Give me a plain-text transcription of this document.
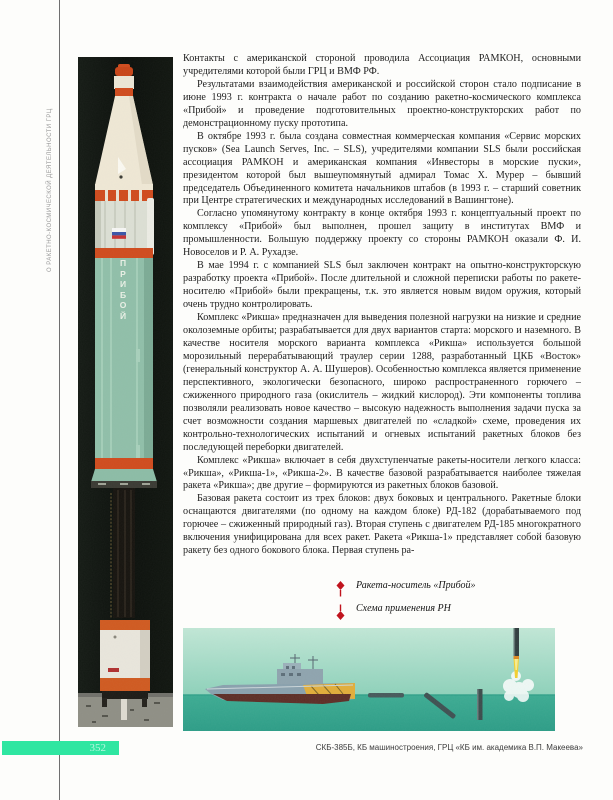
О РАКЕТНО-КОСМИЧЕСКОЙ ДЕЯТЕЛЬНОСТИ ГРЦ	ПРИБОЙ

Контакты с американской стороной проводила Ассоциация РАМКОН, основными учредителями которой были ГРЦ и ВМФ РФ.

Результатами взаимодействия американской и российской сторон стало подписание в июне 1993 г. контракта о начале работ по созданию ракетно-космического комплекса «Прибой» и проведение подготовительных проектно-конструкторских работ по демонстрационному пуску прототипа.

В октябре 1993 г. была создана совместная коммерческая компания «Сервис морских пусков» (Sea Launch Serves, Inc. – SLS), учредителями компании SLS были российская ассоциация РАМКОН и американская компания «Инвесторы в морские пуски», президентом которой был вышеупомянутый адмирал Томас Х. Мурер – бывший председатель Объединенного комитета начальников штабов (в 1993 г. – старший советник при Центре стратегических и международных исследований в Вашингтоне).

Согласно упомянутому контракту в конце октября 1993 г. концептуальный проект по комплексу «Прибой» был выполнен, прошел защиту в институтах ВМФ и промышленности. Большую поддержку проекту со стороны РАМКОН оказали Ф. И. Новоселов и Р. А. Рухадзе.

В мае 1994 г. с компанией SLS был заключен контракт на опытно-конструкторскую разработку проекта «Прибой». После длительной и сложной переписки работы по ракете-носителю «Прибой» были прекращены, т.к. это является новым видом оружия, который очень трудно контролировать.

Комплекс «Рикша» предназначен для выведения полезной нагрузки на низкие и средние околоземные орбиты; разрабатывается для двух вариантов старта: морского и наземного. В качестве носителя морского варианта комплекса «Рикша» используется большой морозильный перерабатывающий траулер серии 1288, разработанный ЦКБ «Восток» (генеральный конструктор А. А. Шушеров). Особенностью комплекса является применение перспективного, экологически безопасного, широко распространенного горючего – сжиженного природного газа (окислитель – жидкий кислород). Эти компоненты топлива позволяли реализовать новое качество – высокую надежность выполнения задачи пуска за счет возможности создания маршевых двигателей по «сладкой» схеме, проведения их контрольно-технологических испытаний и огневых испытаний ракетных блоков без последующей переборки двигателей.

Комплекс «Рикша» включает в себя двухступенчатые ракеты-носители легкого класса: «Рикша», «Рикша-1», «Рикша-2». В качестве базовой разрабатывается наиболее тяжелая ракета «Рикша»; две другие – формируются из ракетных блоков базовой.

Базовая ракета состоит из трех блоков: двух боковых и центрального. Ракетные блоки оснащаются двигателями (по одному на каждом блоке) РД-182 (дорабатываемого под горючее – сжиженный природный газ). Вторая ступень с двигателем РД-185 многократного включения унифицирована для всех ракет. Ракета «Рикша-1» представляет собой базовую ракету без одного бокового блока. Первая ступень ра-

Ракета-носитель «Прибой»
Схема применения РН
352	СКБ-385Б, КБ машиностроения, ГРЦ «КБ им. академика В.П. Макеева»
